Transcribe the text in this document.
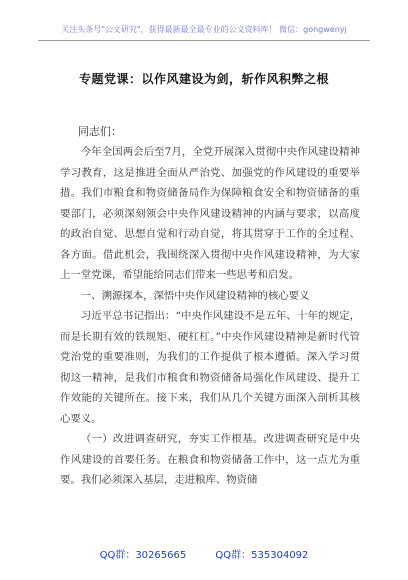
关注头条号"公文研究"，获得最新最全最专业的公文资料库！ 微信：gongwenyj
专题党课：以作风建设为剑，斩作风积弊之根
同志们：

今年全国两会后至7月，全党开展深入贯彻中央作风建设精神学习教育，这是推进全面从严治党、加强党的作风建设的重要举措。我们市粮食和物资储备局作为保障粮食安全和物资储备的重要部门，必须深刻领会中央作风建设精神的内涵与要求，以高度的政治自觉、思想自觉和行动自觉，将其贯穿于工作的全过程、各方面。借此机会，我围绕深入贯彻中央作风建设精神，为大家上一堂党课，希望能给同志们带来一些思考和启发。

一、溯源探本，深悟中央作风建设精神的核心要义

习近平总书记指出：“中央作风建设不是五年、十年的规定，而是长期有效的铁规矩、硬杠杠。”中央作风建设精神是新时代管党治党的重要准则，为我们的工作提供了根本遵循。深入学习贯彻这一精神，是我们市粮食和物资储备局强化作风建设、提升工作效能的关键所在。接下来，我们从几个关键方面深入剖析其核心要义。

（一）改进调查研究，夯实工作根基。改进调查研究是中央作风建设的首要任务。在粮食和物资储备工作中，这一点尤为重要。我们必须深入基层，走进粮库、物资储

QQ群：30265665	QQ群：535304092
